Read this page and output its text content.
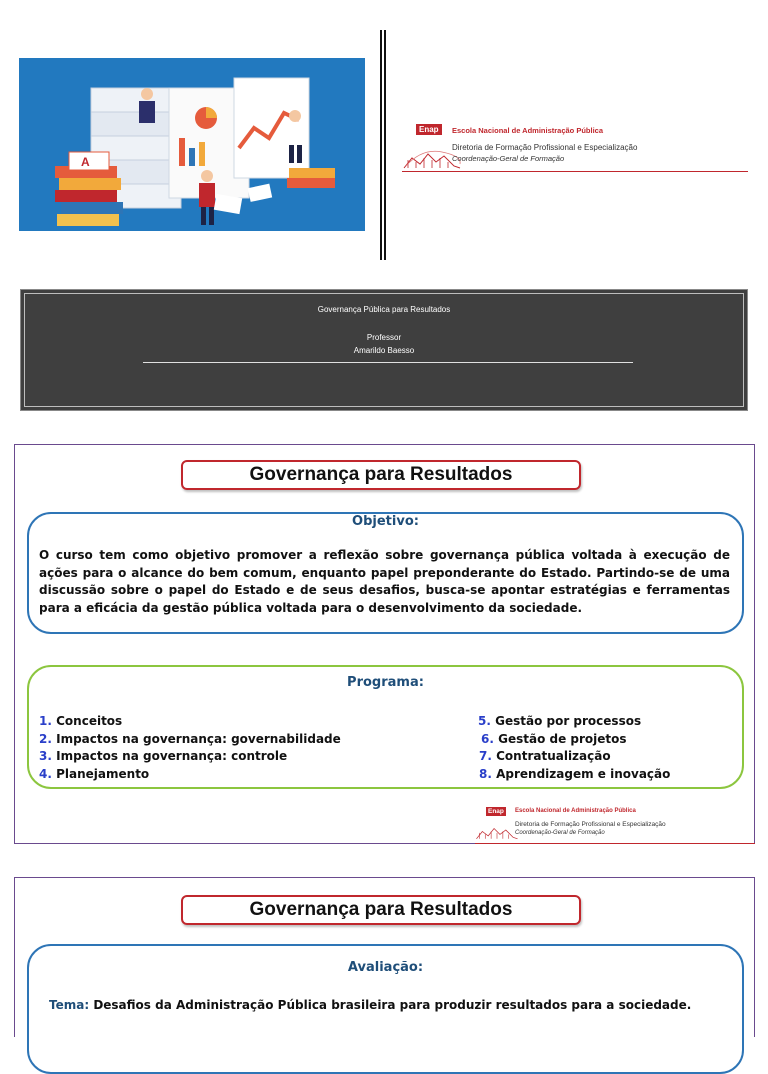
A
Enap	Escola Nacional de Administração Pública
Diretoria de Formação Profissional e Especialização
Coordenação-Geral de Formação
Governança Pública para Resultados
Professor
Amarildo Baesso
Governança para Resultados
Objetivo:
O curso tem como objetivo promover a reflexão sobre governança pública voltada à execução de ações para o alcance do bem comum, enquanto papel preponderante do Estado. Partindo-se de uma discussão sobre o papel do Estado e de seus desafios, busca-se apontar estratégias e ferramentas para a eficácia da gestão pública voltada para o desenvolvimento da sociedade.
Programa:
1. Conceitos
2. Impactos na governança: governabilidade
3. Impactos na governança: controle
4. Planejamento
5. Gestão por processos
6. Gestão de projetos
7. Contratualização
8. Aprendizagem e inovação
Enap	Escola Nacional de Administração Pública
Diretoria de Formação Profissional e Especialização
Coordenação-Geral de Formação
Governança para Resultados
Avaliação:
Tema: Desafios da Administração Pública brasileira para produzir resultados para a sociedade.
